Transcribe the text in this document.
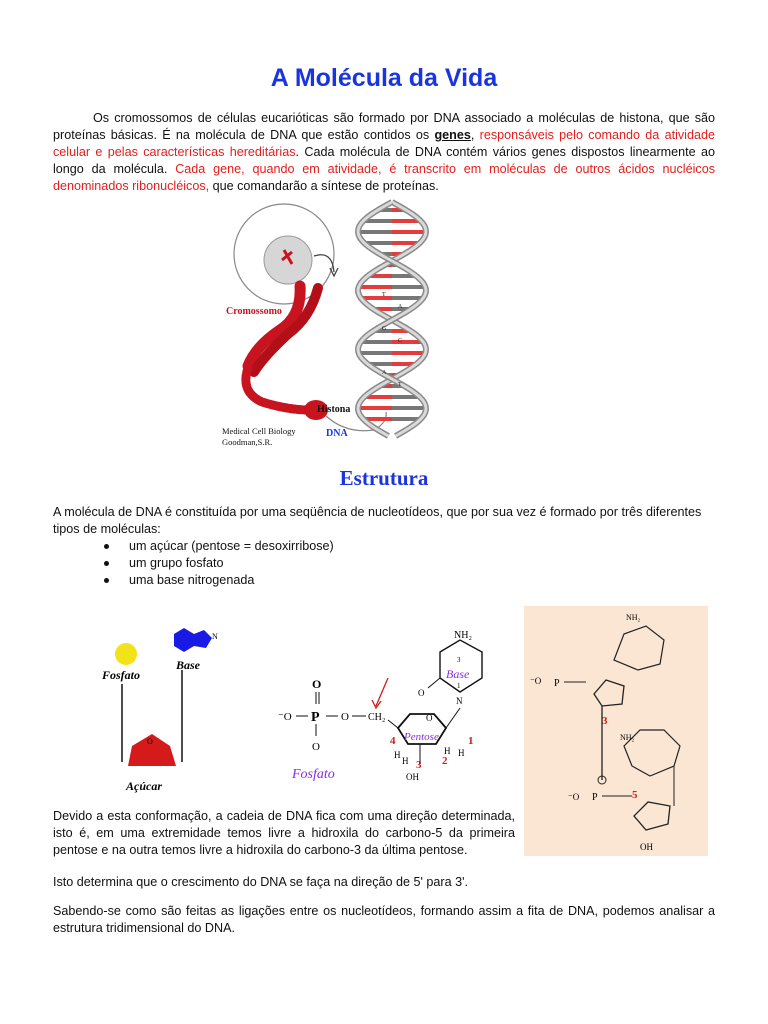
A Molécula da Vida
Os cromossomos de células eucarióticas são formado por DNA associado a moléculas de histona, que são proteínas básicas. É na molécula de DNA que estão contidos os genes, responsáveis pelo comando da atividade celular e pelas características hereditárias. Cada molécula de DNA contém vários genes dispostos linearmente ao longo da molécula. Cada gene, quando em atividade, é transcrito em moléculas de outros ácidos nucléicos denominados ribonucléicos, que comandarão a síntese de proteínas.
Cromossomo
Histona
DNA
Medical Cell Biology
Goodman,S.R.
T
A
G
C
A
T
Estrutura
A molécula de DNA é constituída por uma seqüência de nucleotídeos, que por sua vez é formado por três diferentes tipos de moléculas:
um açúcar (pentose = desoxirribose)
um grupo fosfato
uma base nitrogenada
Fosfato
N
Base
O
Açúcar
O
⁻O P O
O
CH₂
Fosfato
O
Pentose
4	1
2
3
H
H
H
H
OH
NH₂
N
3
1
Base
O
⁻O P
NH₂
3
NH₂
⁻O P	5
OH
Devido a esta conformação, a cadeia de DNA fica com uma direção determinada, isto é, em uma extremidade temos livre a hidroxila do carbono-5 da primeira pentose e na outra temos livre a hidroxila do carbono-3 da última pentose.
Isto determina que o crescimento do DNA se faça na direção de 5' para 3'.
Sabendo-se como são feitas as ligações entre os nucleotídeos, formando assim a fita de DNA, podemos analisar a estrutura tridimensional do DNA.
